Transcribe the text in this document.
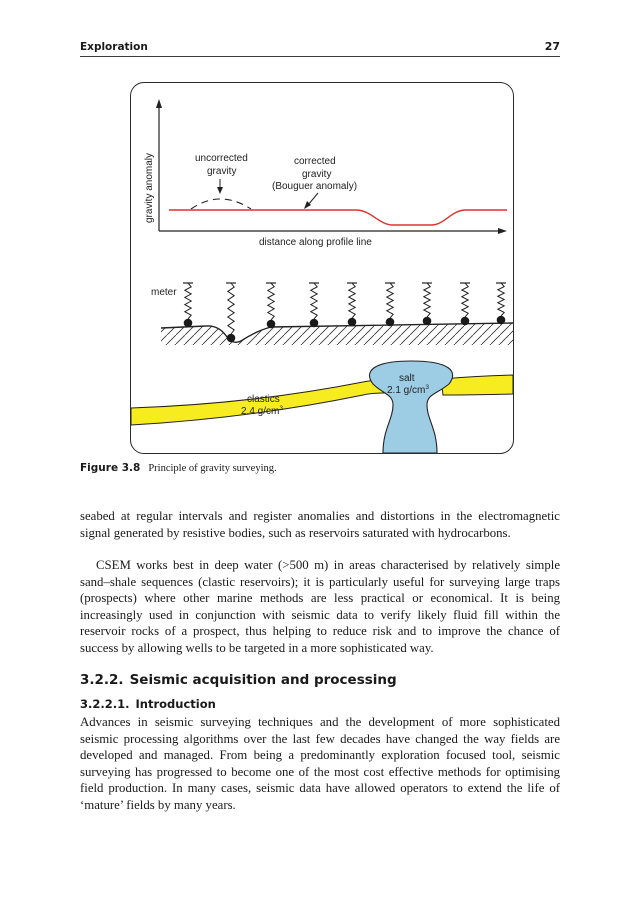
Exploration	27
gravity anomaly
distance along profile line
uncorrected
gravity
corrected
gravity
(Bouguer anomaly)
meter
clastics
2.4 $g/cm^3$
salt
2.1 $g/cm^3$
Figure 3.8 Principle of gravity surveying.

seabed at regular intervals and register anomalies and distortions in the electromagnetic signal generated by resistive bodies, such as reservoirs saturated with hydrocarbons.

CSEM works best in deep water (>500 m) in areas characterised by relatively simple sand–shale sequences (clastic reservoirs); it is particularly useful for surveying large traps (prospects) where other marine methods are less practical or economical. It is being increasingly used in conjunction with seismic data to verify likely fluid fill within the reservoir rocks of a prospect, thus helping to reduce risk and to improve the chance of success by allowing wells to be targeted in a more sophisticated way.

3.2.2. Seismic acquisition and processing
3.2.2.1. Introduction

Advances in seismic surveying techniques and the development of more sophisticated seismic processing algorithms over the last few decades have changed the way fields are developed and managed. From being a predominantly exploration focused tool, seismic surveying has progressed to become one of the most cost effective methods for optimising field production. In many cases, seismic data have allowed operators to extend the life of ‘mature’ fields by many years.
